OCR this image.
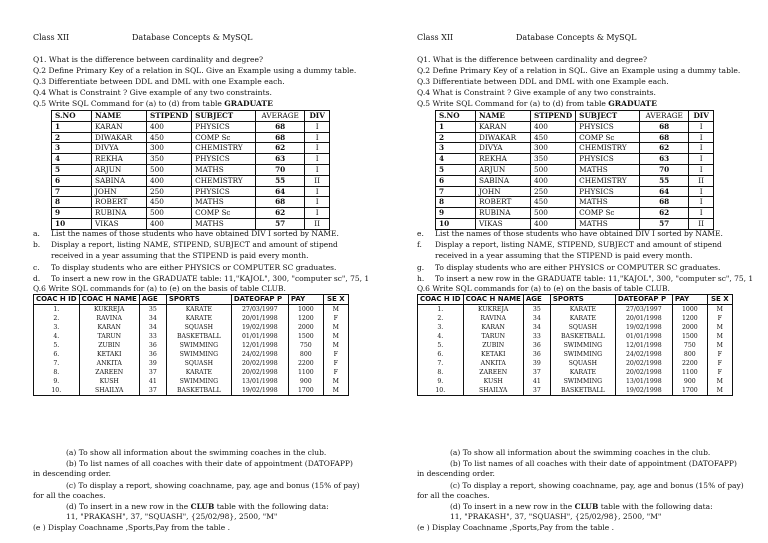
Class XII	Database Concepts & MySQL
Q1. What is the difference between cardinality and degree?
Q.2 Define Primary Key of a relation in SQL. Give an Example using a dummy table.
Q.3 Differentiate between DDL and DML with one Example each.
Q.4 What is Constraint ? Give example of any two constraints.
Q.5 Write SQL Command for (a) to (d) from table GRADUATE
S.NO	NAME	STIPEND	SUBJECT	AVERAGE	DIV
1	KARAN	400	PHYSICS	68	I
2	DIWAKAR	450	COMP Sc	68	I
3	DIVYA	300	CHEMISTRY	62	I
4	REKHA	350	PHYSICS	63	I
5	ARJUN	500	MATHS	70	I
6	SABINA	400	CHEMISTRY	55	II
7	JOHN	250	PHYSICS	64	I
8	ROBERT	450	MATHS	68	I
9	RUBINA	500	COMP Sc	62	I
10	VIKAS	400	MATHS	57	II
a. List the names of those students who have obtained DIV I sorted by NAME.
b. Display a report, listing NAME, STIPEND, SUBJECT and amount of stipend
received in a year assuming that the STIPEND is paid every month.
c. To display students who are either PHYSICS or COMPUTER SC graduates.
d. To insert a new row in the GRADUATE table: 11,"KAJOL", 300, "computer sc", 75, 1
Q.6 Write SQL commands for (a) to (e) on the basis of table CLUB.
COAC H ID	COAC H NAME	AGE	SPORTS	DATEOFAP P	PAY	SE X
1.	KUKREJA	35	KARATE	27/03/1997	1000	M
2.	RAVINA	34	KARATE	20/01/1998	1200	F
3.	KARAN	34	SQUASH	19/02/1998	2000	M
4.	TARUN	33	BASKETBALL	01/01/1998	1500	M
5.	ZUBIN	36	SWIMMING	12/01/1998	750	M
6.	KETAKI	36	SWIMMING	24/02/1998	800	F
7.	ANKITA	39	SQUASH	20/02/1998	2200	F
8.	ZAREEN	37	KARATE	20/02/1998	1100	F
9.	KUSH	41	SWIMMING	13/01/1998	900	M
10.	SHAILYA	37	BASKETBALL	19/02/1998	1700	M
(a) To show all information about the swimming coaches in the club.
(b) To list names of all coaches with their date of appointment (DATOFAPP)
in descending order.
(c) To display a report, showing coachname, pay, age and bonus (15% of pay)
for all the coaches.
(d) To insert in a new row in the CLUB table with the following data:
11, "PRAKASH", 37, "SQUASH", {25/02/98}, 2500, "M"
(e ) Display Coachname ,Sports,Pay from the table .
Class XII	Database Concepts & MySQL
Q1. What is the difference between cardinality and degree?
Q.2 Define Primary Key of a relation in SQL. Give an Example using a dummy table.
Q.3 Differentiate between DDL and DML with one Example each.
Q.4 What is Constraint ? Give example of any two constraints.
Q.5 Write SQL Command for (a) to (d) from table GRADUATE
S.NO	NAME	STIPEND	SUBJECT	AVERAGE	DIV
1	KARAN	400	PHYSICS	68	I
2	DIWAKAR	450	COMP Sc	68	I
3	DIVYA	300	CHEMISTRY	62	I
4	REKHA	350	PHYSICS	63	I
5	ARJUN	500	MATHS	70	I
6	SABINA	400	CHEMISTRY	55	II
7	JOHN	250	PHYSICS	64	I
8	ROBERT	450	MATHS	68	I
9	RUBINA	500	COMP Sc	62	I
10	VIKAS	400	MATHS	57	II
e. List the names of those students who have obtained DIV I sorted by NAME.
f. Display a report, listing NAME, STIPEND, SUBJECT and amount of stipend
received in a year assuming that the STIPEND is paid every month.
g. To display students who are either PHYSICS or COMPUTER SC graduates.
h. To insert a new row in the GRADUATE table: 11,"KAJOL", 300, "computer sc", 75, 1
Q.6 Write SQL commands for (a) to (e) on the basis of table CLUB.
COAC H ID	COAC H NAME	AGE	SPORTS	DATEOFAP P	PAY	SE X
1.	KUKREJA	35	KARATE	27/03/1997	1000	M
2.	RAVINA	34	KARATE	20/01/1998	1200	F
3.	KARAN	34	SQUASH	19/02/1998	2000	M
4.	TARUN	33	BASKETBALL	01/01/1998	1500	M
5.	ZUBIN	36	SWIMMING	12/01/1998	750	M
6.	KETAKI	36	SWIMMING	24/02/1998	800	F
7.	ANKITA	39	SQUASH	20/02/1998	2200	F
8.	ZAREEN	37	KARATE	20/02/1998	1100	F
9.	KUSH	41	SWIMMING	13/01/1998	900	M
10.	SHAILYA	37	BASKETBALL	19/02/1998	1700	M
(a) To show all information about the swimming coaches in the club.
(b) To list names of all coaches with their date of appointment (DATOFAPP)
in descending order.
(c) To display a report, showing coachname, pay, age and bonus (15% of pay)
for all the coaches.
(d) To insert in a new row in the CLUB table with the following data:
11, "PRAKASH", 37, "SQUASH", {25/02/98}, 2500, "M"
(e ) Display Coachname ,Sports,Pay from the table .
